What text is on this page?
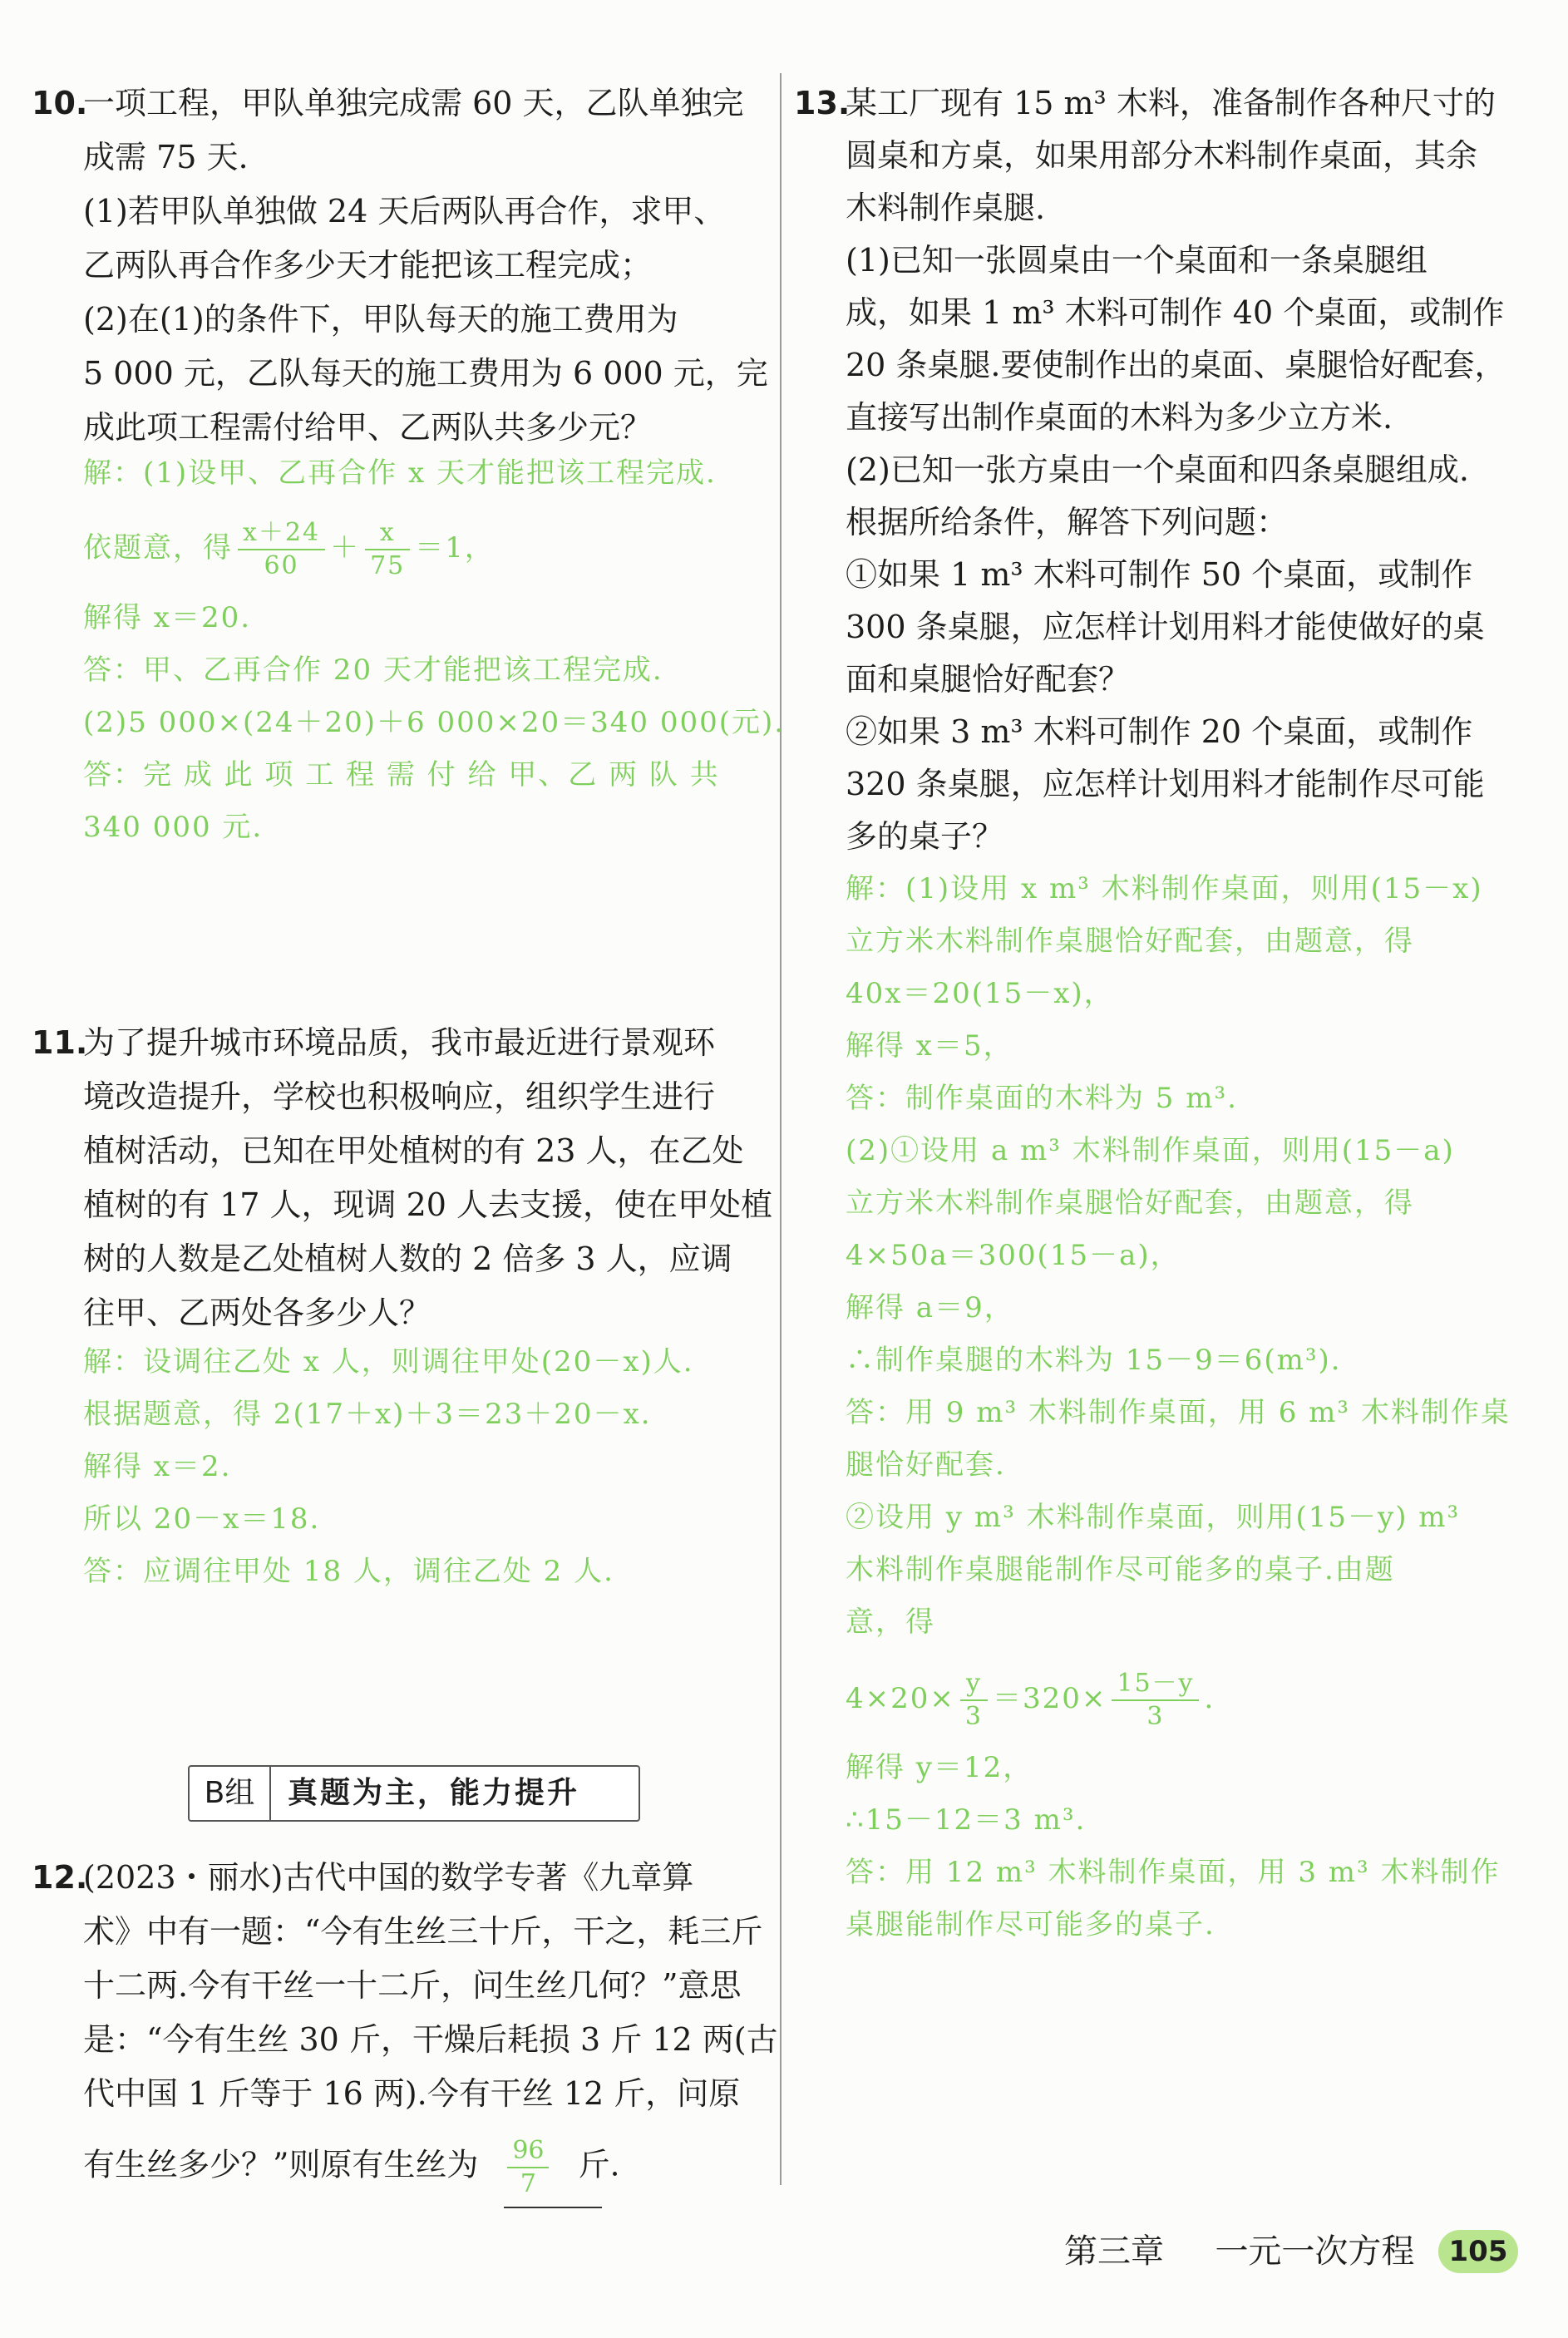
10.
一项工程，甲队单独完成需 60 天，乙队单独完
成需 75 天.
(1)若甲队单独做 24 天后两队再合作，求甲、
乙两队再合作多少天才能把该工程完成；
(2)在(1)的条件下，甲队每天的施工费用为
5 000 元，乙队每天的施工费用为 6 000 元，完
成此项工程需付给甲、乙两队共多少元？
解：(1)设甲、乙再合作 x 天才能把该工程完成.
依题意，得 $\frac{x+24}{60} + \frac{x}{75} =1$，
解得 x＝20.
答：甲、乙再合作 20 天才能把该工程完成.
(2)5 000×(24＋20)＋6 000×20＝340 000(元).
答：完 成 此 项 工 程 需 付 给 甲、乙 两 队 共
340 000 元.
11.
为了提升城市环境品质，我市最近进行景观环
境改造提升，学校也积极响应，组织学生进行
植树活动，已知在甲处植树的有 23 人，在乙处
植树的有 17 人，现调 20 人去支援，使在甲处植
树的人数是乙处植树人数的 2 倍多 3 人，应调
往甲、乙两处各多少人？
解：设调往乙处 x 人，则调往甲处(20－x)人.
根据题意，得 2(17＋x)＋3＝23＋20－x.
解得 x＝2.
所以 20－x＝18.
答：应调往甲处 18 人，调往乙处 2 人.
B组	真题为主，能力提升
12.
(2023・丽水)古代中国的数学专著《九章算
术》中有一题：“今有生丝三十斤，干之，耗三斤
十二两.今有干丝一十二斤，问生丝几何？”意思
是：“今有生丝 30 斤，干燥后耗损 3 斤 12 两(古
代中国 1 斤等于 16 两).今有干丝 12 斤，问原
有生丝多少？”则原有生丝为 $\frac{96}{7}$ 斤.
13.
某工厂现有 15 m³ 木料，准备制作各种尺寸的
圆桌和方桌，如果用部分木料制作桌面，其余
木料制作桌腿.
(1)已知一张圆桌由一个桌面和一条桌腿组
成，如果 1 m³ 木料可制作 40 个桌面，或制作
20 条桌腿.要使制作出的桌面、桌腿恰好配套，
直接写出制作桌面的木料为多少立方米.
(2)已知一张方桌由一个桌面和四条桌腿组成.
根据所给条件，解答下列问题：
①如果 1 m³ 木料可制作 50 个桌面，或制作
300 条桌腿，应怎样计划用料才能使做好的桌
面和桌腿恰好配套？
②如果 3 m³ 木料可制作 20 个桌面，或制作
320 条桌腿，应怎样计划用料才能制作尽可能
多的桌子？
解：(1)设用 x m³ 木料制作桌面，则用(15－x)
立方米木料制作桌腿恰好配套，由题意，得
40x＝20(15－x)，
解得 x＝5，
答：制作桌面的木料为 5 m³.
(2)①设用 a m³ 木料制作桌面，则用(15－a)
立方米木料制作桌腿恰好配套，由题意，得
4×50a＝300(15－a)，
解得 a＝9，
∴制作桌腿的木料为 15－9＝6(m³).
答：用 9 m³ 木料制作桌面，用 6 m³ 木料制作桌
腿恰好配套.
②设用 y m³ 木料制作桌面，则用(15－y) m³
木料制作桌腿能制作尽可能多的桌子.由题
意，得
$4\times 20\times \frac{y}{3} =320\times \frac{15-y}{3}$ .
解得 y＝12，
∴15－12＝3 m³.
答：用 12 m³ 木料制作桌面，用 3 m³ 木料制作
桌腿能制作尽可能多的桌子.
第三章 一元一次方程	105
